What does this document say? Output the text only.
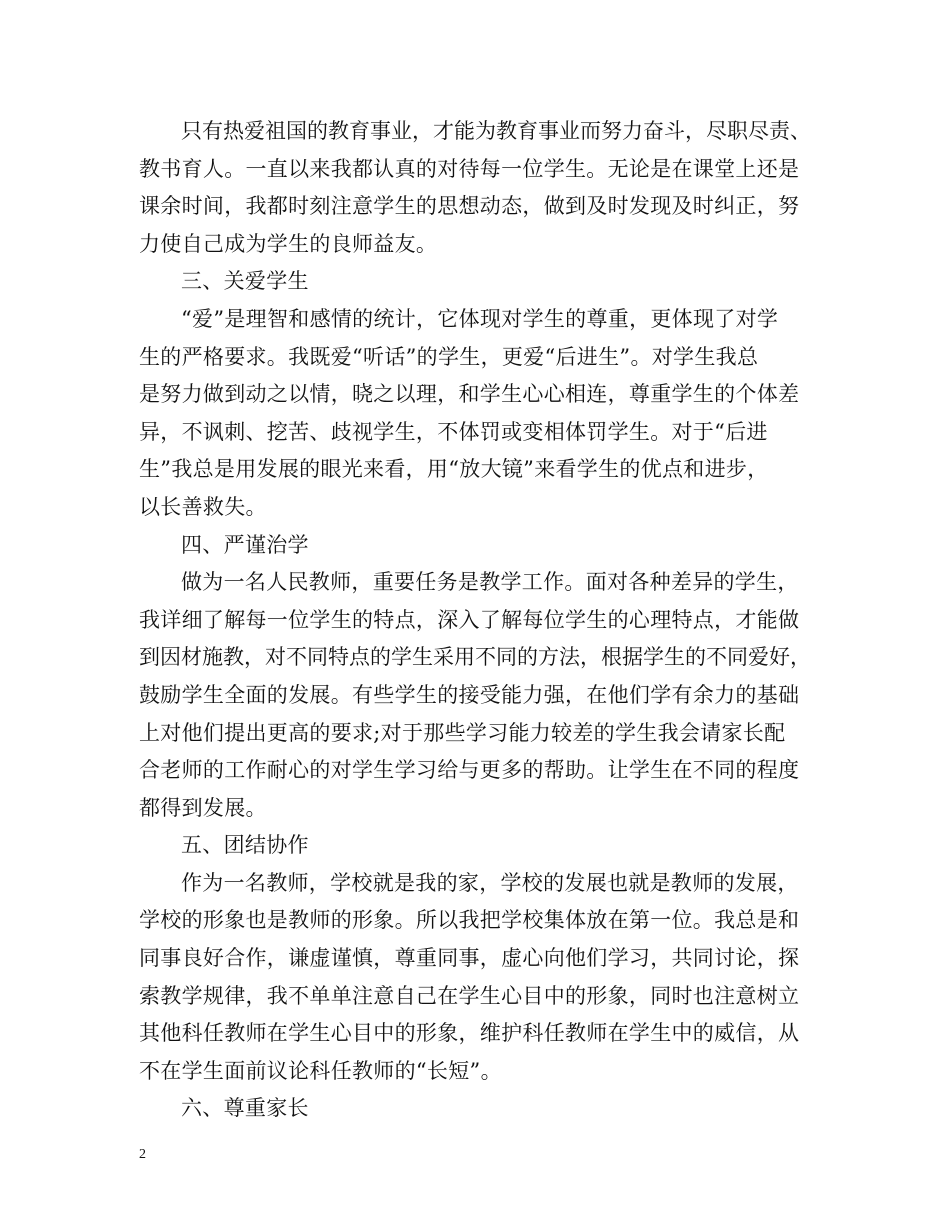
只有热爱祖国的教育事业，才能为教育事业而努力奋斗，尽职尽责、
教书育人。一直以来我都认真的对待每一位学生。无论是在课堂上还是
课余时间，我都时刻注意学生的思想动态，做到及时发现及时纠正，努
力使自己成为学生的良师益友。
三、关爱学生
“爱”是理智和感情的统计，它体现对学生的尊重，更体现了对学
生的严格要求。我既爱“听话”的学生，更爱“后进生”。对学生我总
是努力做到动之以情，晓之以理，和学生心心相连，尊重学生的个体差
异，不讽刺、挖苦、歧视学生，不体罚或变相体罚学生。对于“后进
生”我总是用发展的眼光来看，用“放大镜”来看学生的优点和进步，
以长善救失。
四、严谨治学
做为一名人民教师，重要任务是教学工作。面对各种差异的学生，
我详细了解每一位学生的特点，深入了解每位学生的心理特点，才能做
到因材施教，对不同特点的学生采用不同的方法，根据学生的不同爱好，
鼓励学生全面的发展。有些学生的接受能力强，在他们学有余力的基础
上对他们提出更高的要求;对于那些学习能力较差的学生我会请家长配
合老师的工作耐心的对学生学习给与更多的帮助。让学生在不同的程度
都得到发展。
五、团结协作
作为一名教师，学校就是我的家，学校的发展也就是教师的发展，
学校的形象也是教师的形象。所以我把学校集体放在第一位。我总是和
同事良好合作，谦虚谨慎，尊重同事，虚心向他们学习，共同讨论，探
索教学规律，我不单单注意自己在学生心目中的形象，同时也注意树立
其他科任教师在学生心目中的形象，维护科任教师在学生中的威信，从
不在学生面前议论科任教师的“长短”。
六、尊重家长
2
